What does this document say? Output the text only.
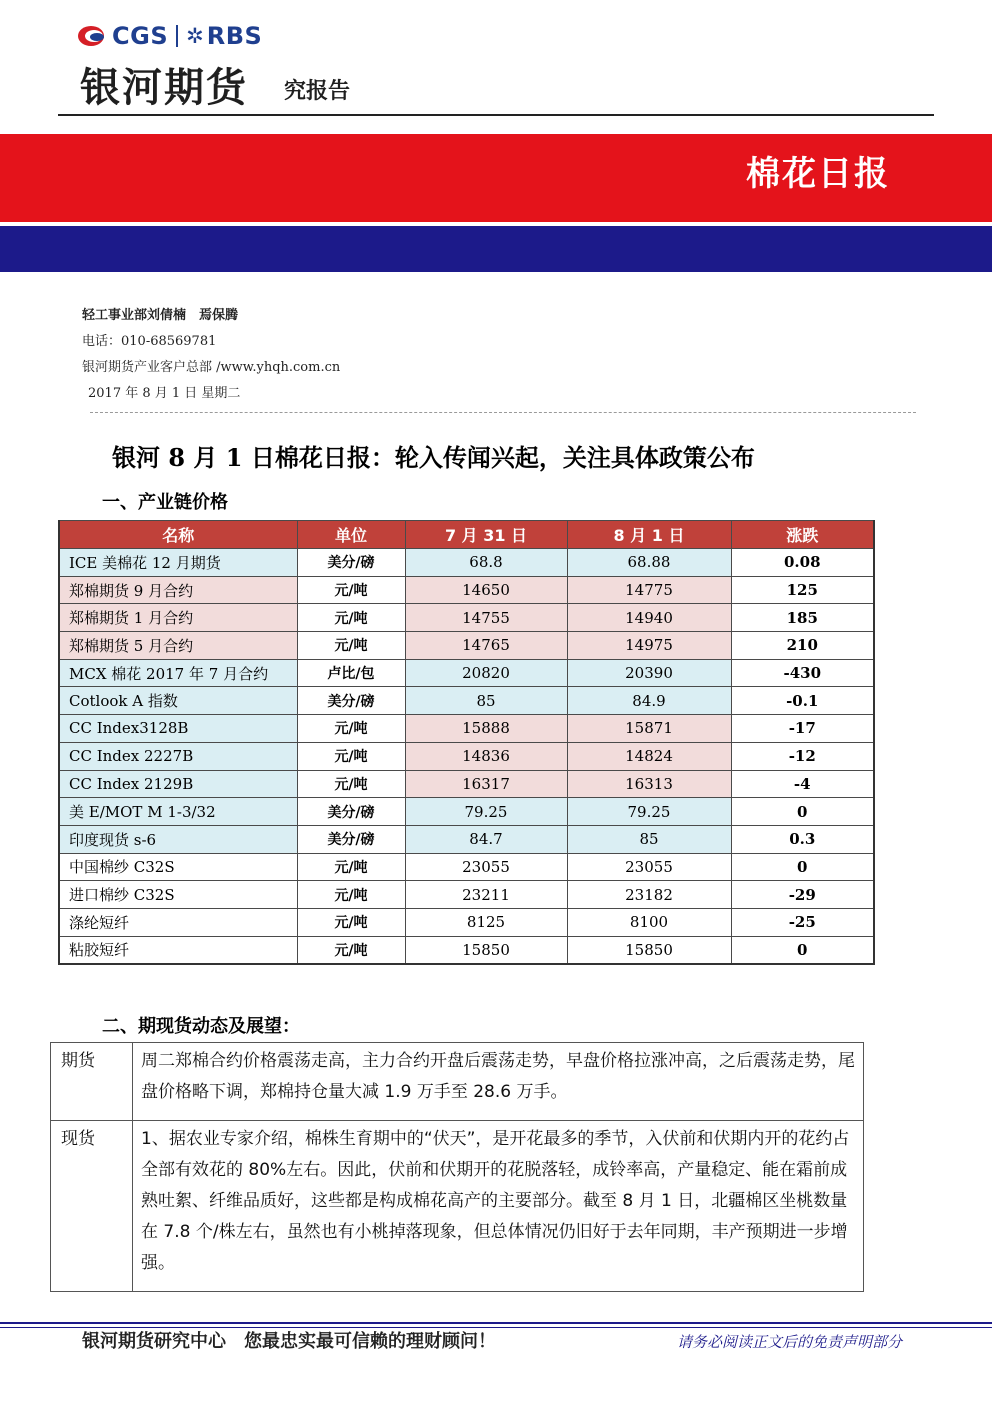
CGS ✲ RBS
银河期货 究报告
棉花日报
轻工事业部刘倩楠　焉保腾
电话：010-68569781
银河期货产业客户总部 /www.yhqh.com.cn
2017 年 8 月 1 日 星期二
银河 8 月 1 日棉花日报：轮入传闻兴起，关注具体政策公布
一、产业链价格
名称	单位	7 月 31 日	8 月 1 日	涨跌
ICE 美棉花 12 月期货	美分/磅	68.8	68.88	0.08
郑棉期货 9 月合约	元/吨	14650	14775	125
郑棉期货 1 月合约	元/吨	14755	14940	185
郑棉期货 5 月合约	元/吨	14765	14975	210
MCX 棉花 2017 年 7 月合约	卢比/包	20820	20390	-430
Cotlook A 指数	美分/磅	85	84.9	-0.1
CC Index3128B	元/吨	15888	15871	-17
CC Index 2227B	元/吨	14836	14824	-12
CC Index 2129B	元/吨	16317	16313	-4
美 E/MOT M 1-3/32	美分/磅	79.25	79.25	0
印度现货 s-6	美分/磅	84.7	85	0.3
中国棉纱 C32S	元/吨	23055	23055	0
进口棉纱 C32S	元/吨	23211	23182	-29
涤纶短纤	元/吨	8125	8100	-25
粘胶短纤	元/吨	15850	15850	0
二、期现货动态及展望：
期货	周二郑棉合约价格震荡走高，主力合约开盘后震荡走势，早盘价格拉涨冲高，之后震荡走势，尾盘价格略下调，郑棉持仓量大减 1.9 万手至 28.6 万手。
现货	1、据农业专家介绍，棉株生育期中的“伏天”，是开花最多的季节，入伏前和伏期内开的花约占全部有效花的 80%左右。因此，伏前和伏期开的花脱落轻，成铃率高，产量稳定、能在霜前成熟吐絮、纤维品质好，这些都是构成棉花高产的主要部分。截至 8 月 1 日，北疆棉区坐桃数量在 7.8 个/株左右，虽然也有小桃掉落现象，但总体情况仍旧好于去年同期，丰产预期进一步增强。
银河期货研究中心　您最忠实最可信赖的理财顾问！	请务必阅读正文后的免责声明部分
